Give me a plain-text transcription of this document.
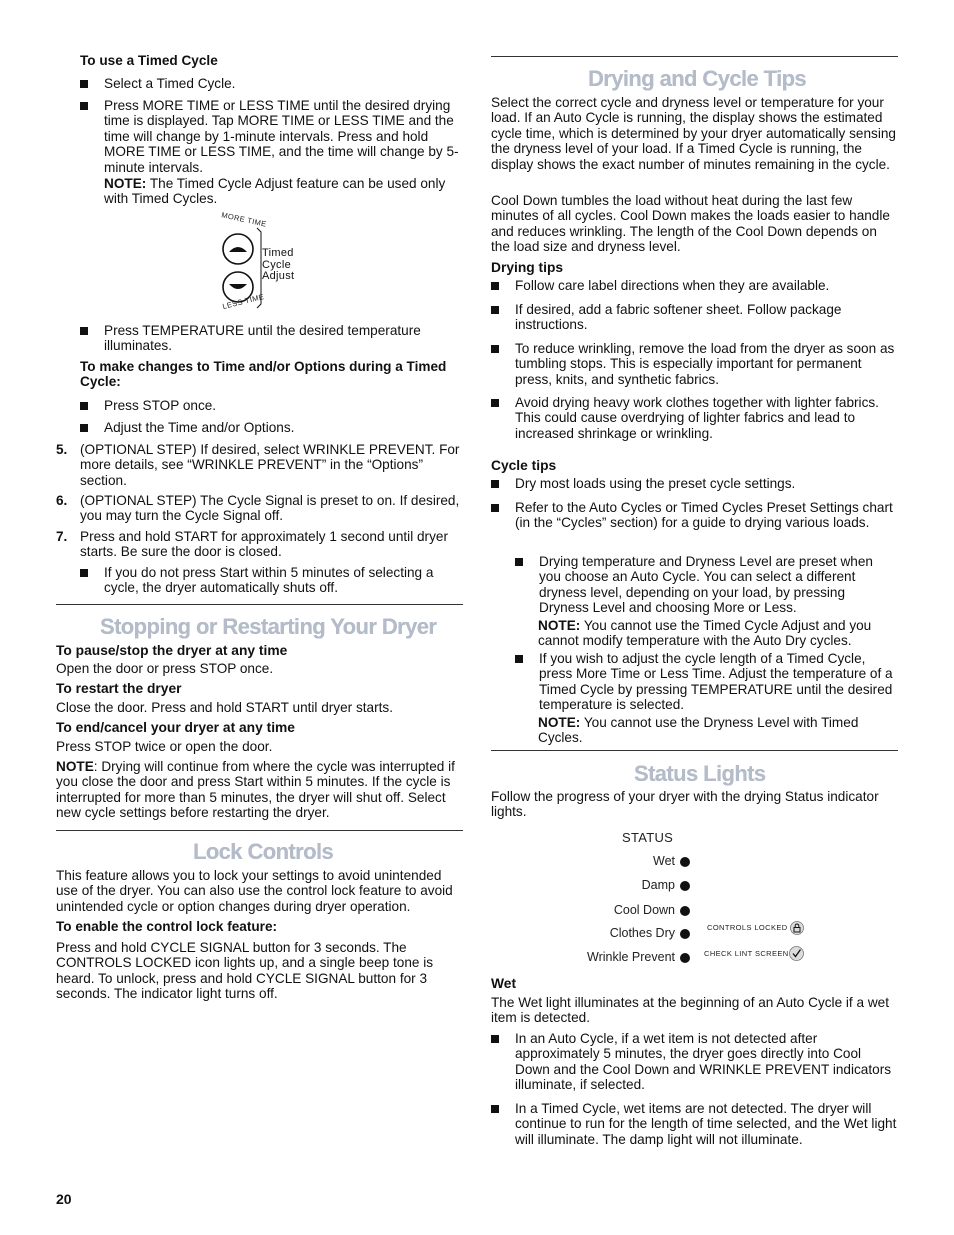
To use a Timed Cycle

Select a Timed Cycle.
Press MORE TIME or LESS TIME until the desired drying time is displayed. Tap MORE TIME or LESS TIME and the time will change by 1-minute intervals. Press and hold MORE TIME or LESS TIME, and the time will change by 5-minute intervals.

NOTE: The Timed Cycle Adjust feature can be used only with Timed Cycles.

MORE TIME
LESS TIME
Timed
Cycle
Adjust
Press TEMPERATURE until the desired temperature illuminates.

To make changes to Time and/or Options during a Timed Cycle:

Press STOP once.
Adjust the Time and/or Options.
5. (OPTIONAL STEP) If desired, select WRINKLE PREVENT. For more details, see “WRINKLE PREVENT” in the “Options” section.
6. (OPTIONAL STEP) The Cycle Signal is preset to on. If desired, you may turn the Cycle Signal off.
7. Press and hold START for approximately 1 second until dryer starts. Be sure the door is closed.
If you do not press Start within 5 minutes of selecting a cycle, the dryer automatically shuts off.
Stopping or Restarting Your Dryer

To pause/stop the dryer at any time

Open the door or press STOP once.

To restart the dryer

Close the door. Press and hold START until dryer starts.

To end/cancel your dryer at any time

Press STOP twice or open the door.

NOTE: Drying will continue from where the cycle was interrupted if you close the door and press Start within 5 minutes. If the cycle is interrupted for more than 5 minutes, the dryer will shut off. Select new cycle settings before restarting the dryer.

Lock Controls

This feature allows you to lock your settings to avoid unintended use of the dryer. You can also use the control lock feature to avoid unintended cycle or option changes during dryer operation.

To enable the control lock feature:

Press and hold CYCLE SIGNAL button for 3 seconds. The CONTROLS LOCKED icon lights up, and a single beep tone is heard. To unlock, press and hold CYCLE SIGNAL button for 3 seconds. The indicator light turns off.

Drying and Cycle Tips

Select the correct cycle and dryness level or temperature for your load. If an Auto Cycle is running, the display shows the estimated cycle time, which is determined by your dryer automatically sensing the dryness level of your load. If a Timed Cycle is running, the display shows the exact number of minutes remaining in the cycle.

Cool Down tumbles the load without heat during the last few minutes of all cycles. Cool Down makes the loads easier to handle and reduces wrinkling. The length of the Cool Down depends on the load size and dryness level.

Drying tips

Follow care label directions when they are available.
If desired, add a fabric softener sheet. Follow package instructions.
To reduce wrinkling, remove the load from the dryer as soon as tumbling stops. This is especially important for permanent press, knits, and synthetic fabrics.
Avoid drying heavy work clothes together with lighter fabrics. This could cause overdrying of lighter fabrics and lead to increased shrinkage or wrinkling.

Cycle tips

Dry most loads using the preset cycle settings.
Refer to the Auto Cycles or Timed Cycles Preset Settings chart (in the “Cycles” section) for a guide to drying various loads.
Drying temperature and Dryness Level are preset when you choose an Auto Cycle. You can select a different dryness level, depending on your load, by pressing Dryness Level and choosing More or Less.

NOTE: You cannot use the Timed Cycle Adjust and you cannot modify temperature with the Auto Dry cycles.

If you wish to adjust the cycle length of a Timed Cycle, press More Time or Less Time. Adjust the temperature of a Timed Cycle by pressing TEMPERATURE until the desired temperature is selected.

NOTE: You cannot use the Dryness Level with Timed Cycles.

Status Lights

Follow the progress of your dryer with the drying Status indicator lights.

STATUS
Wet
Damp
Cool Down
Clothes Dry
Wrinkle Prevent
CONTROLS LOCKED
CHECK LINT SCREEN

Wet

The Wet light illuminates at the beginning of an Auto Cycle if a wet item is detected.

In an Auto Cycle, if a wet item is not detected after approximately 5 minutes, the dryer goes directly into Cool Down and the Cool Down and WRINKLE PREVENT indicators illuminate, if selected.
In a Timed Cycle, wet items are not detected. The dryer will continue to run for the length of time selected, and the Wet light will illuminate. The damp light will not illuminate.
20
